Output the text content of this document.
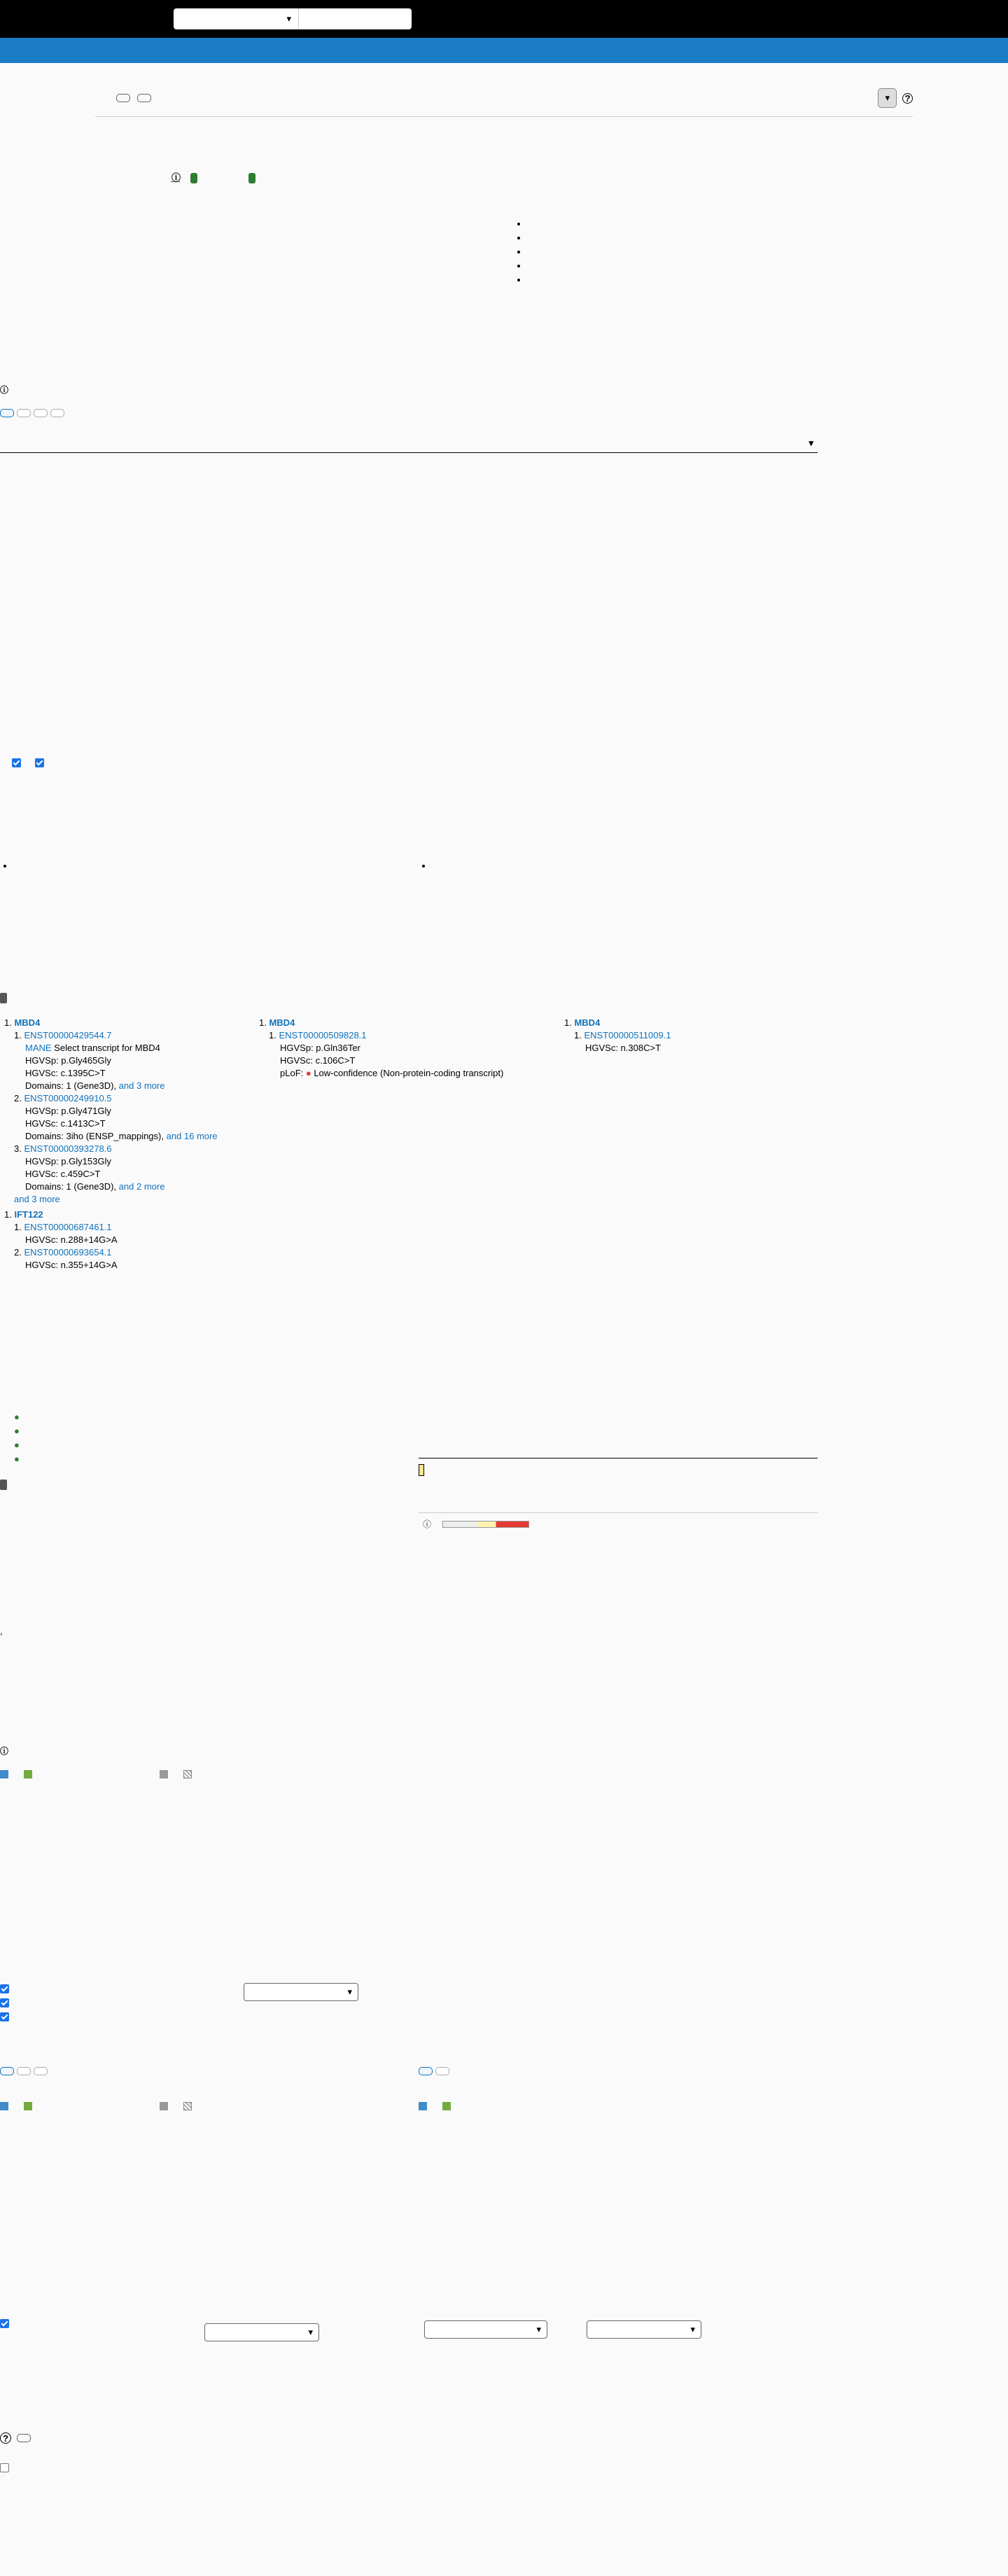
▾

▾	?

ⓘ			

ⓘ

				▾

1. MBD4
1. ENST00000429544.7
MANE Select transcript for MBD4
HGVSp: p.Gly465Gly
HGVSc: c.1395C>T
Domains: 1 (Gene3D), and 3 more
2. ENST00000249910.5
HGVSp: p.Gly471Gly
HGVSc: c.1413C>T
Domains: 3iho (ENSP_mappings), and 16 more
3. ENST00000393278.6
HGVSp: p.Gly153Gly
HGVSc: c.459C>T
Domains: 1 (Gene3D), and 2 more
and 3 more
1. IFT122
1. ENST00000687461.1
HGVSc: n.288+14G>A
2. ENST00000693654.1
HGVSc: n.355+14G>A
1. MBD4
1. ENST00000509828.1
HGVSp: p.Gln36Ter
HGVSc: c.106C>T
pLoF: ● Low-confidence (Non-protein-coding transcript)
1. MBD4
1. ENST00000511009.1
HGVSc: n.308C>T
●
●
●
●

ⓘ
,
ⓘ
▾
▾	▾	▾
?
